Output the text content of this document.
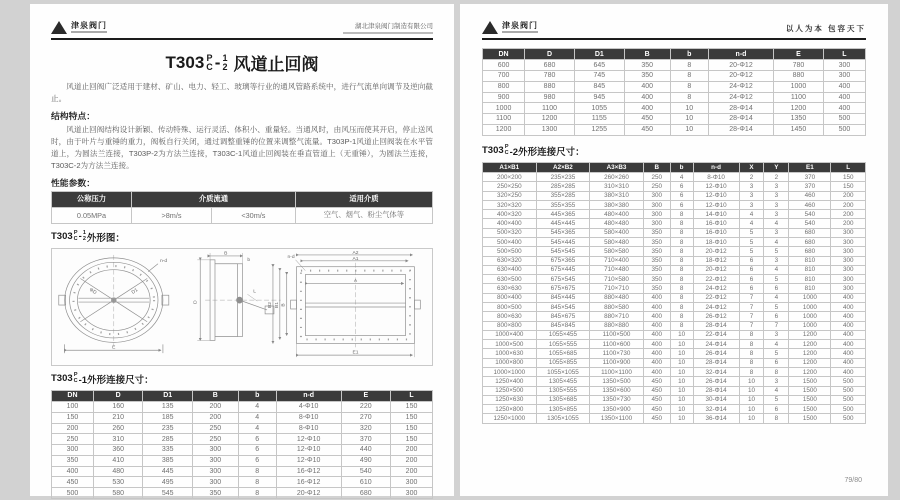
津泉阀门	湖北津泉阀门制造有限公司
T303 P
C - 1
2 风道止回阀

风道止回阀广泛适用于建材、矿山、电力、轻工、玻璃等行业的通风管路系统中，进行气流单向调节及逆向截止。

结构特点：

风道止回阀结构设计新颖、传动特殊、运行灵活、体积小、重量轻。当通风时，由风压而使其开启，停止送风时，由于叶片与重锤的重力，阀板自行关闭，通过调整重锤的位置来调整气流量。T303P-1风道止回阀装在水平管道上，为圆法兰连接，T303P-2为方法兰连接，T303C-1风道止回阀装在垂直管道上（无重锤），为圆法兰连接，T303C-2为方法兰连接。

性能参数：
公称压力	介质流通		适用介质
0.05MPa	>8m/s	<30m/s	空气、烟气、粉尘气体等
T303 P
C - 1
2 外形图：
ΦD	D1
n-d
E
B
b
D
L
A2
A1
A
B2 B1 B
n-d
E1
T303 P
C -1外形连接尺寸：
DN	D	D1	B	b	n-d	E	L
100	160	135	200	4	4-Φ10	220	150
150	210	185	200	4	8-Φ10	270	150
200	260	235	250	4	8-Φ10	320	150
250	310	285	250	6	12-Φ10	370	150
300	360	335	300	6	12-Φ10	440	200
350	410	385	300	6	12-Φ10	490	200
400	480	445	300	8	16-Φ12	540	200
450	530	495	300	8	16-Φ12	610	300
500	580	545	350	8	20-Φ12	680	300
津泉阀门	以人为本 包容天下
DN	D	D1	B	b	n-d	E	L
600	680	645	350	8	20-Φ12	780	300
700	780	745	350	8	20-Φ12	880	300
800	880	845	400	8	24-Φ12	1000	400
900	980	945	400	8	24-Φ12	1100	400
1000	1100	1055	400	10	28-Φ14	1200	400
1100	1200	1155	450	10	28-Φ14	1350	500
1200	1300	1255	450	10	28-Φ14	1450	500
T303 P
C -2外形连接尺寸：
A1×B1	A2×B2	A3×B3	B	b	n-d	X	Y	E1	L
200×200	235×235	260×260	250	4	8-Φ10	2	2	370	150
250×250	285×285	310×310	250	6	12-Φ10	3	3	370	150
320×250	355×285	380×310	300	6	12-Φ10	3	3	460	200
320×320	355×355	380×380	300	6	12-Φ10	3	3	460	200
400×320	445×365	480×400	300	8	14-Φ10	4	3	540	200
400×400	445×445	480×480	300	8	16-Φ10	4	4	540	200
500×320	545×365	580×400	350	8	16-Φ10	5	3	680	300
500×400	545×445	580×480	350	8	18-Φ10	5	4	680	300
500×500	545×545	580×580	350	8	20-Φ12	5	5	680	300
630×320	675×365	710×400	350	8	18-Φ12	6	3	810	300
630×400	675×445	710×480	350	8	20-Φ12	6	4	810	300
630×500	675×545	710×580	350	8	22-Φ12	6	5	810	300
630×630	675×675	710×710	350	8	24-Φ12	6	6	810	300
800×400	845×445	880×480	400	8	22-Φ12	7	4	1000	400
800×500	845×545	880×580	400	8	24-Φ12	7	5	1000	400
800×630	845×675	880×710	400	8	26-Φ12	7	6	1000	400
800×800	845×845	880×880	400	8	28-Φ14	7	7	1000	400
1000×400	1055×455	1100×500	400	10	22-Φ14	8	3	1200	400
1000×500	1055×555	1100×600	400	10	24-Φ14	8	4	1200	400
1000×630	1055×685	1100×730	400	10	26-Φ14	8	5	1200	400
1000×800	1055×855	1100×900	400	10	28-Φ14	8	6	1200	400
1000×1000	1055×1055	1100×1100	400	10	32-Φ14	8	8	1200	400
1250×400	1305×455	1350×500	450	10	26-Φ14	10	3	1500	500
1250×500	1305×555	1350×600	450	10	28-Φ14	10	4	1500	500
1250×630	1305×685	1350×730	450	10	30-Φ14	10	5	1500	500
1250×800	1305×855	1350×900	450	10	32-Φ14	10	6	1500	500
1250×1000	1305×1055	1350×1100	450	10	36-Φ14	10	8	1500	500
79/80
